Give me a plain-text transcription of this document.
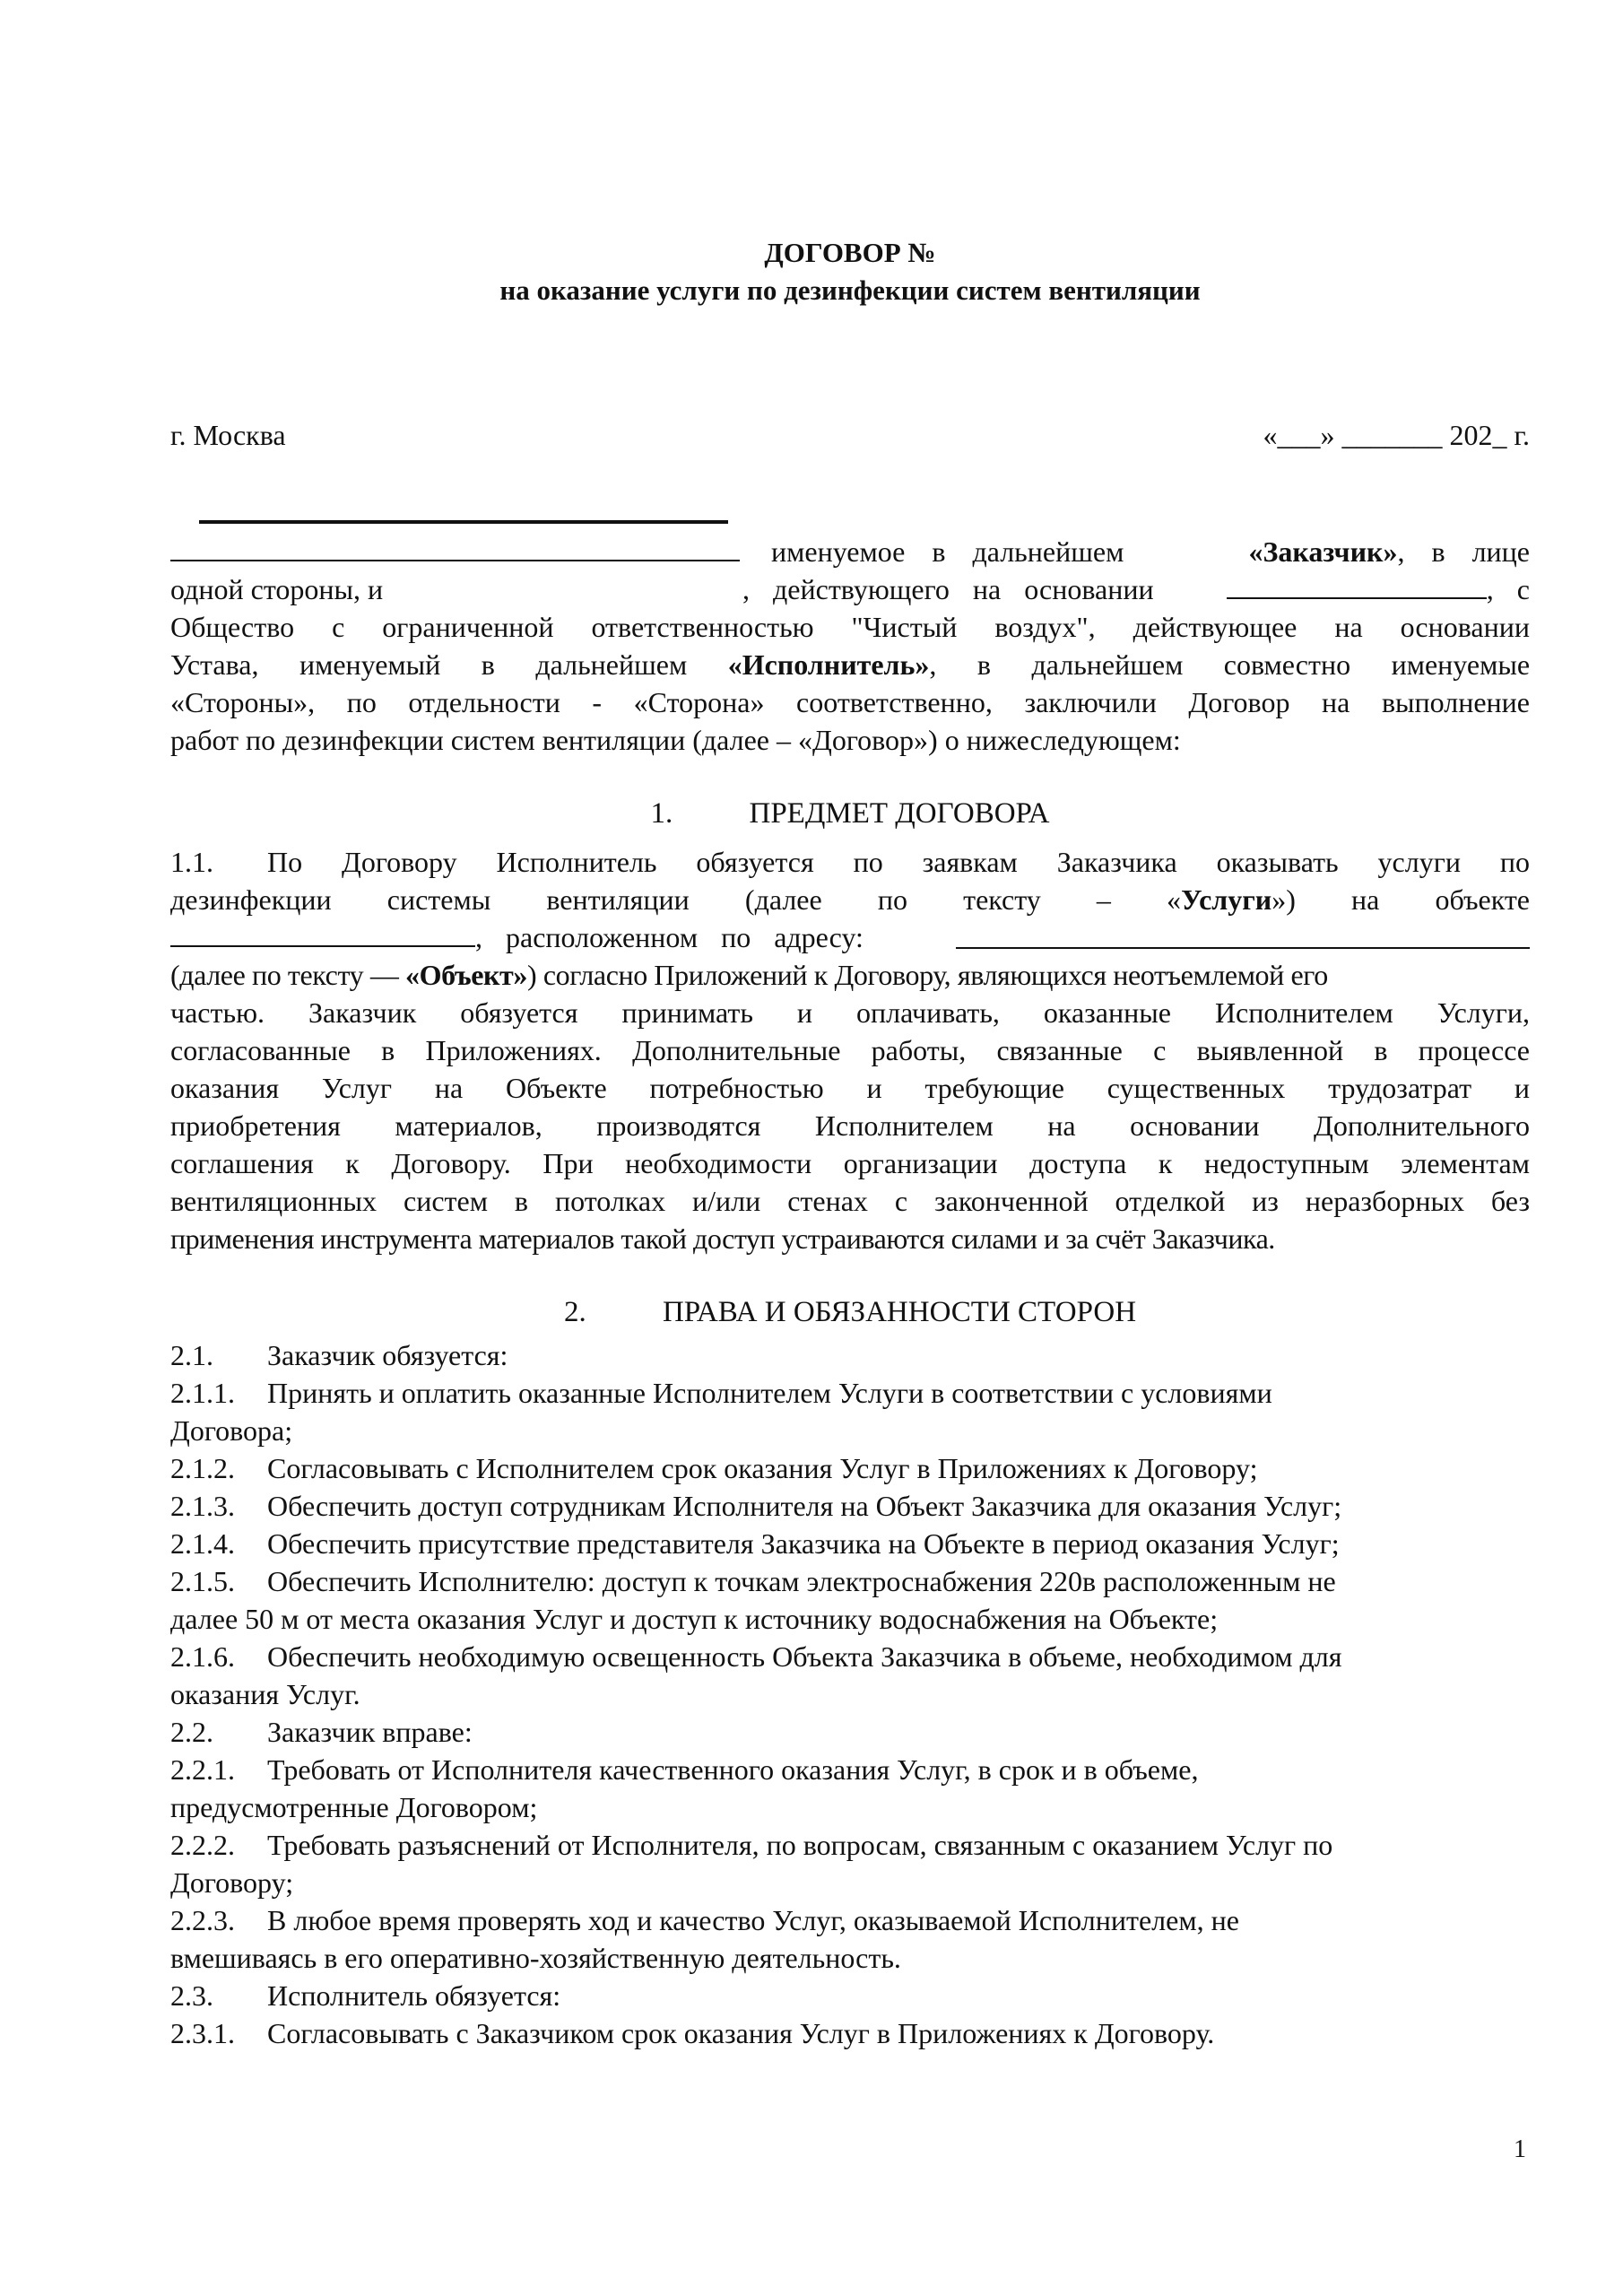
ДОГОВОР №
на оказание услуги по дезинфекции систем вентиляции
г. Москва	«___» _______ 202_ г.
именуемое в дальнейшем	«Заказчик», в лице
, действующего на основании	, с
одной стороны, и
Общество с ограниченной ответственностью "Чистый воздух", действующее на основании
Устава, именуемый в дальнейшем «Исполнитель», в дальнейшем совместно именуемые
«Стороны», по отдельности - «Сторона» соответственно, заключили Договор на выполнение
работ по дезинфекции систем вентиляции (далее – «Договор») о нижеследующем:
1.	ПРЕДМЕТ ДОГОВОРА
1.1. По Договору Исполнитель обязуется по заявкам Заказчика оказывать услуги по
дезинфекции системы вентиляции (далее по тексту – «Услуги») на объекте
, расположенном по адресу:
(далее по тексту — «Объект») согласно Приложений к Договору, являющихся неотъемлемой его
частью. Заказчик обязуется принимать и оплачивать, оказанные Исполнителем Услуги,
согласованные в Приложениях. Дополнительные работы, связанные с выявленной в процессе
оказания Услуг на Объекте потребностью и требующие существенных трудозатрат и
приобретения материалов, производятся Исполнителем на основании Дополнительного
соглашения к Договору. При необходимости организации доступа к недоступным элементам
вентиляционных систем в потолках и/или стенах с законченной отделкой из неразборных без
применения инструмента материалов такой доступ устраиваются силами и за счёт Заказчика.
2.	ПРАВА И ОБЯЗАННОСТИ СТОРОН
2.1. Заказчик обязуется:
2.1.1. Принять и оплатить оказанные Исполнителем Услуги в соответствии с условиями
Договора;
2.1.2. Согласовывать с Исполнителем срок оказания Услуг в Приложениях к Договору;
2.1.3. Обеспечить доступ сотрудникам Исполнителя на Объект Заказчика для оказания Услуг;
2.1.4. Обеспечить присутствие представителя Заказчика на Объекте в период оказания Услуг;
2.1.5. Обеспечить Исполнителю: доступ к точкам электроснабжения 220в расположенным не
далее 50 м от места оказания Услуг и доступ к источнику водоснабжения на Объекте;
2.1.6. Обеспечить необходимую освещенность Объекта Заказчика в объеме, необходимом для
оказания Услуг.
2.2. Заказчик вправе:
2.2.1. Требовать от Исполнителя качественного оказания Услуг, в срок и в объеме,
предусмотренные Договором;
2.2.2. Требовать разъяснений от Исполнителя, по вопросам, связанным с оказанием Услуг по
Договору;
2.2.3. В любое время проверять ход и качество Услуг, оказываемой Исполнителем, не
вмешиваясь в его оперативно-хозяйственную деятельность.
2.3. Исполнитель обязуется:
2.3.1. Согласовывать с Заказчиком срок оказания Услуг в Приложениях к Договору.
1
